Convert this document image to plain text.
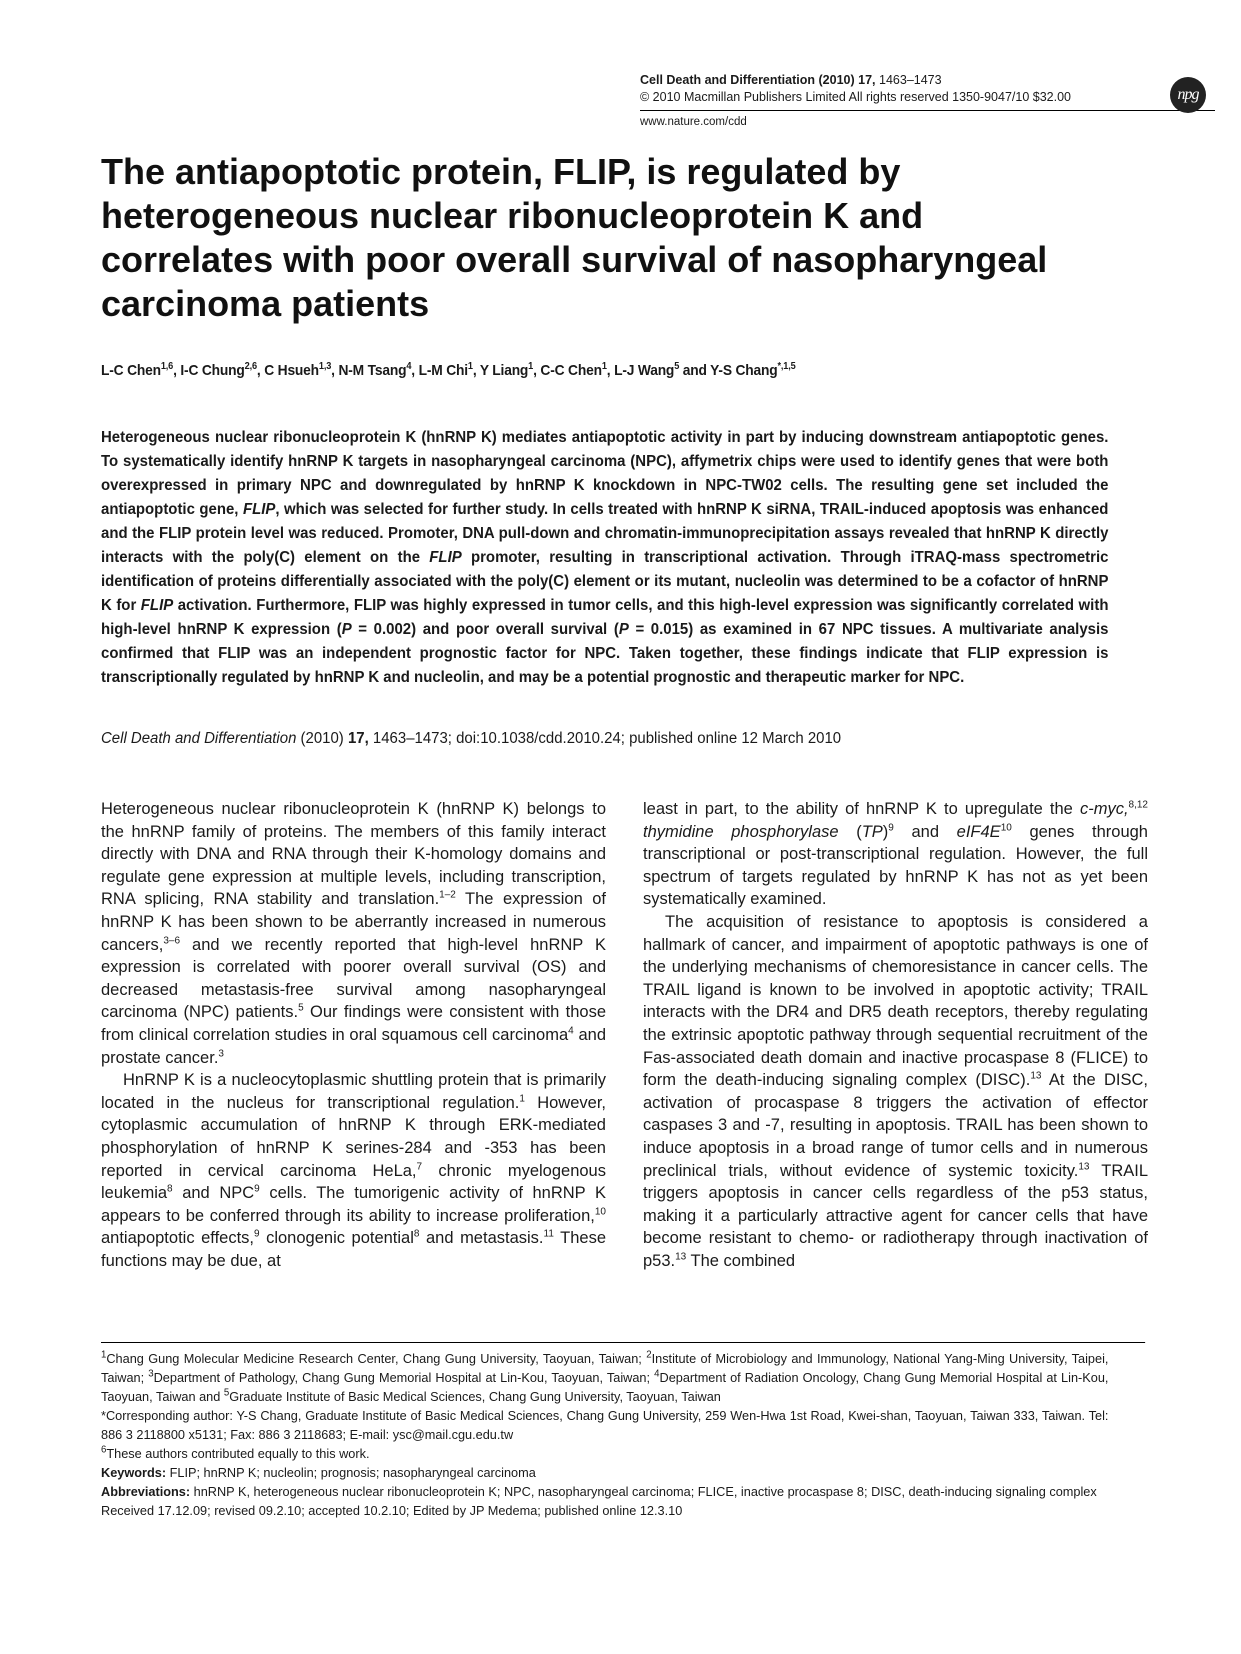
Cell Death and Differentiation (2010) 17, 1463–1473
© 2010 Macmillan Publishers Limited All rights reserved 1350-9047/10 $32.00
www.nature.com/cdd
npg
The antiapoptotic protein, FLIP, is regulated by heterogeneous nuclear ribonucleoprotein K and correlates with poor overall survival of nasopharyngeal carcinoma patients
L-C Chen$^{1,6}$, I-C Chung$^{2,6}$, C Hsueh$^{1,3}$, N-M Tsang$^4$, L-M Chi$^1$, Y Liang$^1$, C-C Chen$^1$, L-J Wang$^5$ and Y-S Chang$^{*,1,5}$
Heterogeneous nuclear ribonucleoprotein K (hnRNP K) mediates antiapoptotic activity in part by inducing downstream antiapoptotic genes. To systematically identify hnRNP K targets in nasopharyngeal carcinoma (NPC), affymetrix chips were used to identify genes that were both overexpressed in primary NPC and downregulated by hnRNP K knockdown in NPC-TW02 cells. The resulting gene set included the antiapoptotic gene, FLIP, which was selected for further study. In cells treated with hnRNP K siRNA, TRAIL-induced apoptosis was enhanced and the FLIP protein level was reduced. Promoter, DNA pull-down and chromatin-immunoprecipitation assays revealed that hnRNP K directly interacts with the poly(C) element on the FLIP promoter, resulting in transcriptional activation. Through iTRAQ-mass spectrometric identification of proteins differentially associated with the poly(C) element or its mutant, nucleolin was determined to be a cofactor of hnRNP K for FLIP activation. Furthermore, FLIP was highly expressed in tumor cells, and this high-level expression was significantly correlated with high-level hnRNP K expression (P = 0.002) and poor overall survival (P = 0.015) as examined in 67 NPC tissues. A multivariate analysis confirmed that FLIP was an independent prognostic factor for NPC. Taken together, these findings indicate that FLIP expression is transcriptionally regulated by hnRNP K and nucleolin, and may be a potential prognostic and therapeutic marker for NPC.
Cell Death and Differentiation (2010) 17, 1463–1473; doi:10.1038/cdd.2010.24; published online 12 March 2010

Heterogeneous nuclear ribonucleoprotein K (hnRNP K) belongs to the hnRNP family of proteins. The members of this family interact directly with DNA and RNA through their K-homology domains and regulate gene expression at multiple levels, including transcription, RNA splicing, RNA stability and translation.$^{1-2}$ The expression of hnRNP K has been shown to be aberrantly increased in numerous cancers,$^{3-6}$ and we recently reported that high-level hnRNP K expression is correlated with poorer overall survival (OS) and decreased metastasis-free survival among nasopharyngeal carcinoma (NPC) patients.$^5$ Our findings were consistent with those from clinical correlation studies in oral squamous cell carcinoma$^4$ and prostate cancer.$^3$

HnRNP K is a nucleocytoplasmic shuttling protein that is primarily located in the nucleus for transcriptional regulation.$^1$ However, cytoplasmic accumulation of hnRNP K through ERK-mediated phosphorylation of hnRNP K serines-284 and -353 has been reported in cervical carcinoma HeLa,$^7$ chronic myelogenous leukemia$^8$ and NPC$^9$ cells. The tumorigenic activity of hnRNP K appears to be conferred through its ability to increase proliferation,$^{10}$ antiapoptotic effects,$^9$ clonogenic potential$^8$ and metastasis.$^{11}$ These functions may be due, at

least in part, to the ability of hnRNP K to upregulate the c-myc,$^{8,12}$ thymidine phosphorylase (TP)$^9$ and $eIF4E^{10}$ genes through transcriptional or post-transcriptional regulation. However, the full spectrum of targets regulated by hnRNP K has not as yet been systematically examined.

The acquisition of resistance to apoptosis is considered a hallmark of cancer, and impairment of apoptotic pathways is one of the underlying mechanisms of chemoresistance in cancer cells. The TRAIL ligand is known to be involved in apoptotic activity; TRAIL interacts with the DR4 and DR5 death receptors, thereby regulating the extrinsic apoptotic pathway through sequential recruitment of the Fas-associated death domain and inactive procaspase 8 (FLICE) to form the death-inducing signaling complex (DISC).$^{13}$ At the DISC, activation of procaspase 8 triggers the activation of effector caspases 3 and -7, resulting in apoptosis. TRAIL has been shown to induce apoptosis in a broad range of tumor cells and in numerous preclinical trials, without evidence of systemic toxicity.$^{13}$ TRAIL triggers apoptosis in cancer cells regardless of the p53 status, making it a particularly attractive agent for cancer cells that have become resistant to chemo- or radiotherapy through inactivation of p53.13 The combined

$^1$Chang Gung Molecular Medicine Research Center, Chang Gung University, Taoyuan, Taiwan; $^2$Institute of Microbiology and Immunology, National Yang-Ming University, Taipei, Taiwan; $^3$Department of Pathology, Chang Gung Memorial Hospital at Lin-Kou, Taoyuan, Taiwan; $^4$Department of Radiation Oncology, Chang Gung Memorial Hospital at Lin-Kou, Taoyuan, Taiwan and $^5$Graduate Institute of Basic Medical Sciences, Chang Gung University, Taoyuan, Taiwan

*Corresponding author: Y-S Chang, Graduate Institute of Basic Medical Sciences, Chang Gung University, 259 Wen-Hwa 1st Road, Kwei-shan, Taoyuan, Taiwan 333, Taiwan. Tel: 886 3 2118800 x5131; Fax: 886 3 2118683; E-mail: ysc@mail.cgu.edu.tw

$^6$These authors contributed equally to this work.

Keywords: FLIP; hnRNP K; nucleolin; prognosis; nasopharyngeal carcinoma

Abbreviations: hnRNP K, heterogeneous nuclear ribonucleoprotein K; NPC, nasopharyngeal carcinoma; FLICE, inactive procaspase 8; DISC, death-inducing signaling complex

Received 17.12.09; revised 09.2.10; accepted 10.2.10; Edited by JP Medema; published online 12.3.10
